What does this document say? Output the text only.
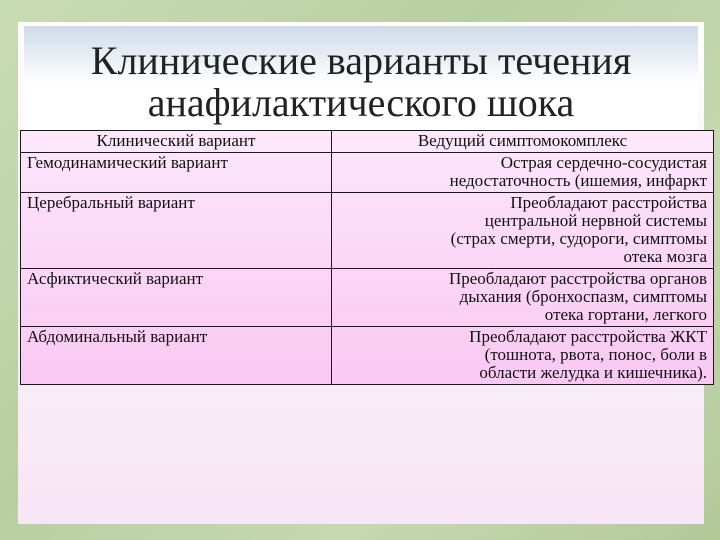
Клинические варианты течения
анафилактического шока
Клинический вариант	Ведущий симптомокомплекс
Гемодинамический вариант	Острая сердечно-сосудистая
недостаточность (ишемия, инфаркт

Церебральный вариант	Преобладают расстройства
центральной нервной системы
(страх смерти, судороги, симптомы
отека мозга

Асфиктический вариант	Преобладают расстройства органов
дыхания (бронхоспазм, симптомы
отека гортани, легкого

Абдоминальный вариант	Преобладают расстройства ЖКТ
(тошнота, рвота, понос, боли в
области желудка и кишечника).
